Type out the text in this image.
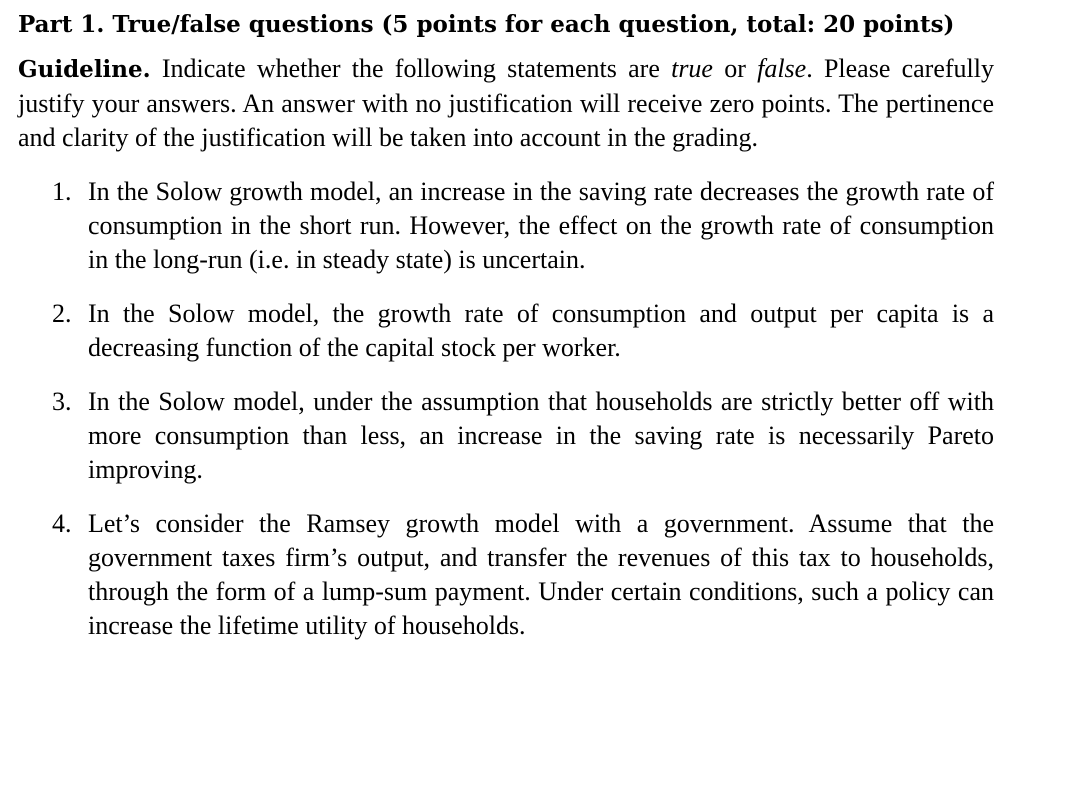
Part 1. True/false questions (5 points for each question, total: 20 points)

Guideline. Indicate whether the following statements are true or false. Please carefully justify your answers. An answer with no justification will receive zero points. The pertinence and clarity of the justification will be taken into account in the grading.

1. In the Solow growth model, an increase in the saving rate decreases the growth rate of consumption in the short run. However, the effect on the growth rate of consumption in the long-run (i.e. in steady state) is uncertain.
2. In the Solow model, the growth rate of consumption and output per capita is a decreasing function of the capital stock per worker.
3. In the Solow model, under the assumption that households are strictly better off with more consumption than less, an increase in the saving rate is necessarily Pareto improving.
4. Let’s consider the Ramsey growth model with a government. Assume that the government taxes firm’s output, and transfer the revenues of this tax to households, through the form of a lump-sum payment. Under certain conditions, such a policy can increase the lifetime utility of households.
